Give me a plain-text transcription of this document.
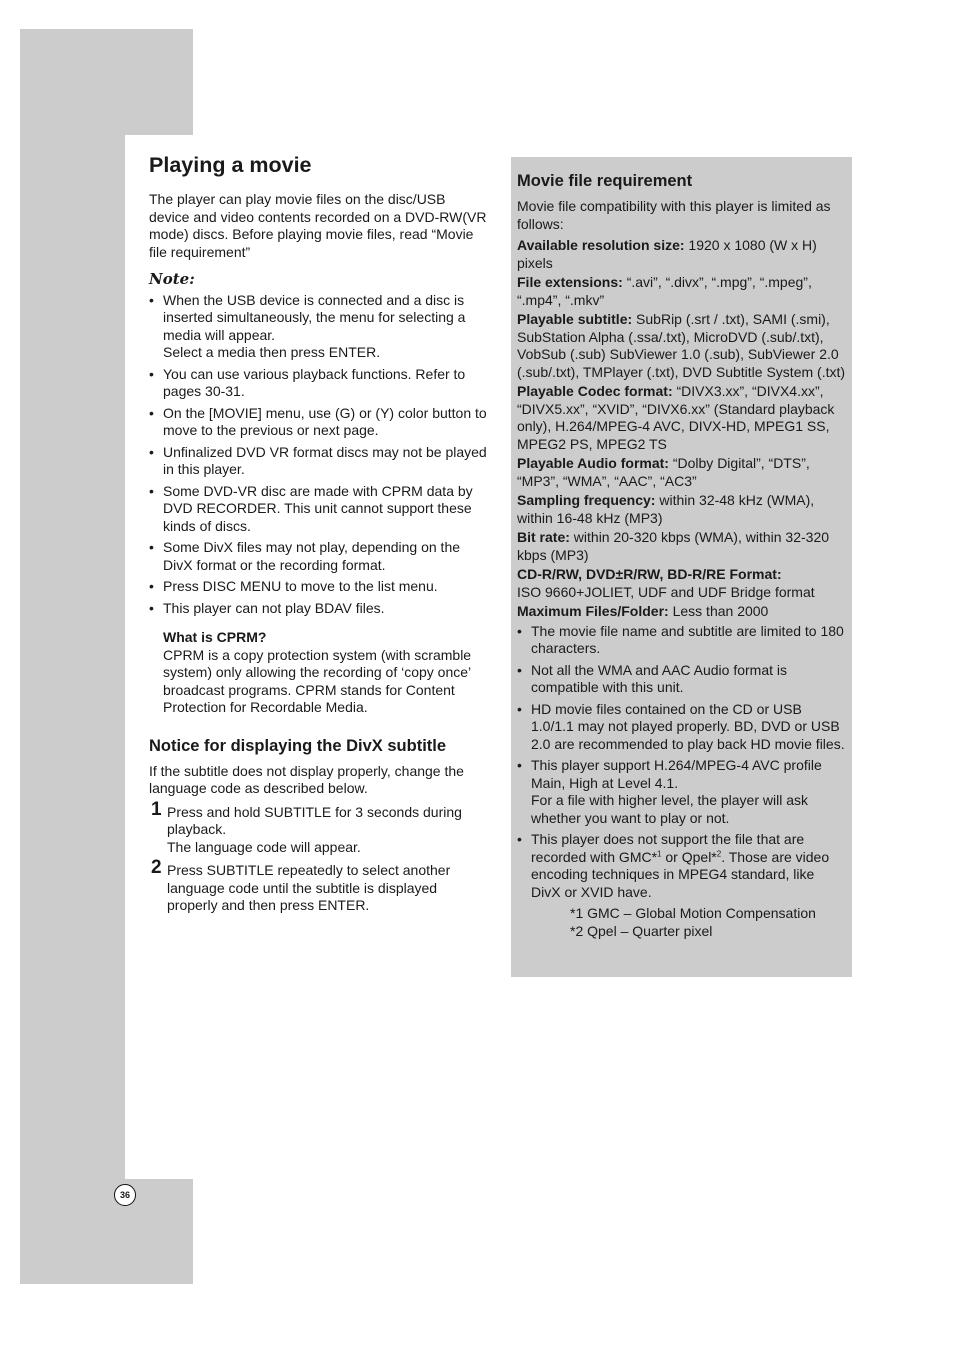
36
Playing a movie

The player can play movie files on the disc/USB device and video contents recorded on a DVD-RW(VR mode) discs. Before playing movie files, read “Movie file requirement”

Note:
• When the USB device is connected and a disc is inserted simultaneously, the menu for selecting a media will appear.
Select a media then press ENTER.
• You can use various playback functions. Refer to pages 30-31.
• On the [MOVIE] menu, use (G) or (Y) color button to move to the previous or next page.
• Unfinalized DVD VR format discs may not be played in this player.
• Some DVD-VR disc are made with CPRM data by DVD RECORDER. This unit cannot support these kinds of discs.
• Some DivX files may not play, depending on the DivX format or the recording format.
• Press DISC MENU to move to the list menu.
• This player can not play BDAV files.
What is CPRM?
CPRM is a copy protection system (with scramble system) only allowing the recording of ‘copy once’ broadcast programs. CPRM stands for Content Protection for Recordable Media.
Notice for displaying the DivX subtitle

If the subtitle does not display properly, change the language code as described below.

1 Press and hold SUBTITLE for 3 seconds during playback.
The language code will appear.
2 Press SUBTITLE repeatedly to select another language code until the subtitle is displayed properly and then press ENTER.
Movie file requirement

Movie file compatibility with this player is limited as follows:

Available resolution size: 1920 x 1080 (W x H) pixels

File extensions: “.avi”, “.divx”, “.mpg”, “.mpeg”, “.mp4”, “.mkv”

Playable subtitle: SubRip (.srt / .txt), SAMI (.smi), SubStation Alpha (.ssa/.txt), MicroDVD (.sub/.txt), VobSub (.sub) SubViewer 1.0 (.sub), SubViewer 2.0 (.sub/.txt), TMPlayer (.txt), DVD Subtitle System (.txt)

Playable Codec format: “DIVX3.xx”, “DIVX4.xx”, “DIVX5.xx”, “XVID”, “DIVX6.xx” (Standard playback only), H.264/MPEG-4 AVC, DIVX-HD, MPEG1 SS, MPEG2 PS, MPEG2 TS

Playable Audio format: “Dolby Digital”, “DTS”, “MP3”, “WMA”, “AAC”, “AC3”

Sampling frequency: within 32-48 kHz (WMA), within 16-48 kHz (MP3)

Bit rate: within 20-320 kbps (WMA), within 32-320 kbps (MP3)

CD-R/RW, DVD±R/RW, BD-R/RE Format:
ISO 9660+JOLIET, UDF and UDF Bridge format

Maximum Files/Folder: Less than 2000

• The movie file name and subtitle are limited to 180 characters.
• Not all the WMA and AAC Audio format is compatible with this unit.
• HD movie files contained on the CD or USB 1.0/1.1 may not played properly. BD, DVD or USB 2.0 are recommended to play back HD movie files.
• This player support H.264/MPEG-4 AVC profile Main, High at Level 4.1.
For a file with higher level, the player will ask whether you want to play or not.
• This player does not support the file that are recorded with GMC*$^1$ or Qpel*$^2$. Those are video encoding techniques in MPEG4 standard, like DivX or XVID have.
*1 GMC – Global Motion Compensation
*2 Qpel – Quarter pixel
